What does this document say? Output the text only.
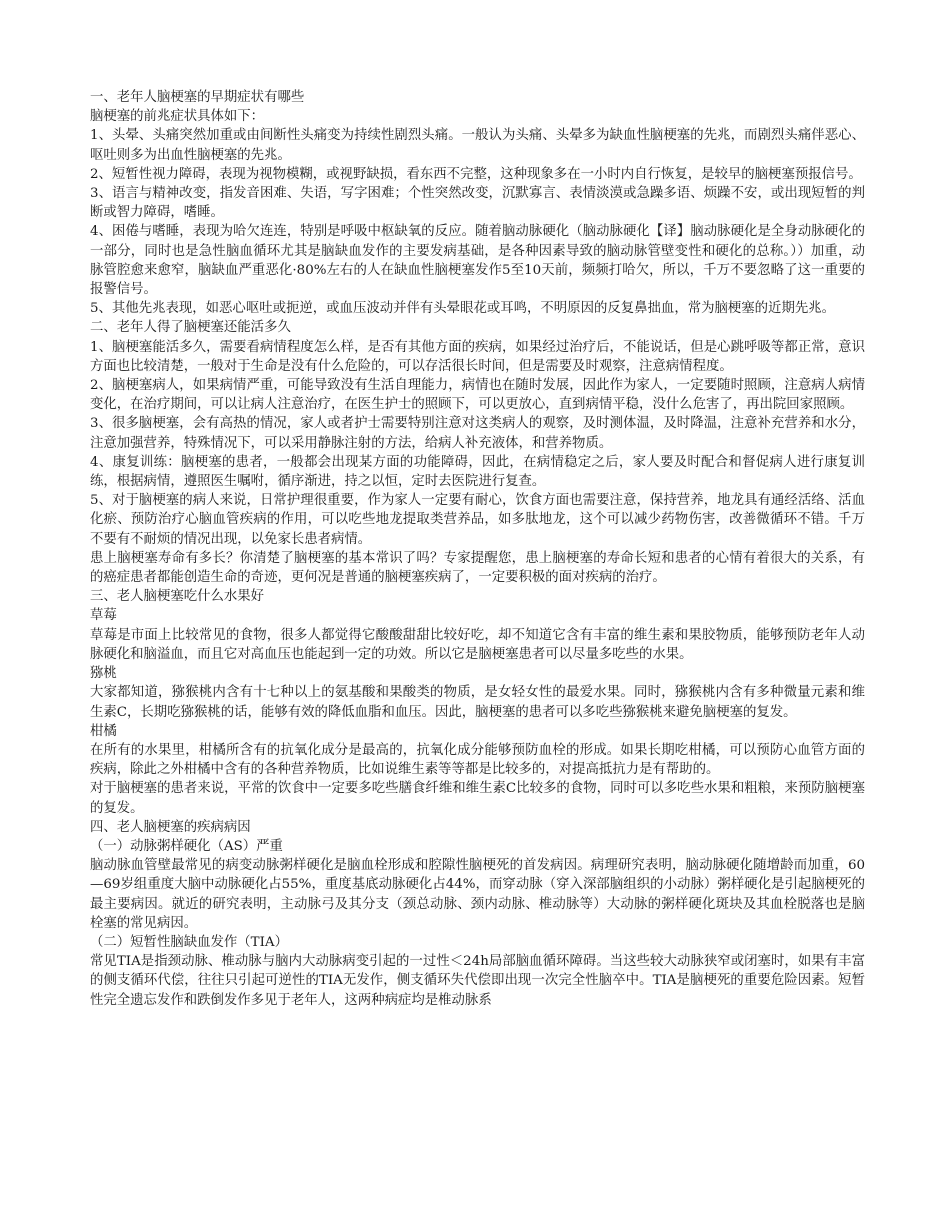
一、老年人脑梗塞的早期症状有哪些

脑梗塞的前兆症状具体如下：

1、头晕、头痛突然加重或由间断性头痛变为持续性剧烈头痛。一般认为头痛、头晕多为缺血性脑梗塞的先兆，而剧烈头痛伴恶心、呕吐则多为出血性脑梗塞的先兆。

2、短暂性视力障碍，表现为视物模糊，或视野缺损，看东西不完整，这种现象多在一小时内自行恢复，是较早的脑梗塞预报信号。

3、语言与精神改变，指发音困难、失语，写字困难；个性突然改变，沉默寡言、表情淡漠或急躁多语、烦躁不安，或出现短暂的判断或智力障碍，嗜睡。

4、困倦与嗜睡，表现为哈欠连连，特别是呼吸中枢缺氧的反应。随着脑动脉硬化（脑动脉硬化【译】脑动脉硬化是全身动脉硬化的一部分，同时也是急性脑血循环尤其是脑缺血发作的主要发病基础，是各种因素导致的脑动脉管壁变性和硬化的总称。））加重，动脉管腔愈来愈窄，脑缺血严重恶化·80%左右的人在缺血性脑梗塞发作5至10天前，频频打哈欠，所以，千万不要忽略了这一重要的报警信号。

5、其他先兆表现，如恶心呕吐或扼逆，或血压波动并伴有头晕眼花或耳鸣，不明原因的反复鼻拙血，常为脑梗塞的近期先兆。

二、老年人得了脑梗塞还能活多久

1、脑梗塞能活多久，需要看病情程度怎么样，是否有其他方面的疾病，如果经过治疗后，不能说话，但是心跳呼吸等都正常，意识方面也比较清楚，一般对于生命是没有什么危险的，可以存活很长时间，但是需要及时观察，注意病情程度。

2、脑梗塞病人，如果病情严重，可能导致没有生活自理能力，病情也在随时发展，因此作为家人，一定要随时照顾，注意病人病情变化，在治疗期间，可以让病人注意治疗，在医生护士的照顾下，可以更放心，直到病情平稳，没什么危害了，再出院回家照顾。

3、很多脑梗塞，会有高热的情况，家人或者护士需要特别注意对这类病人的观察，及时测体温，及时降温，注意补充营养和水分，注意加强营养，特殊情况下，可以采用静脉注射的方法，给病人补充液体，和营养物质。

4、康复训练：脑梗塞的患者，一般都会出现某方面的功能障碍，因此，在病情稳定之后，家人要及时配合和督促病人进行康复训练，根据病情，遵照医生嘱咐，循序渐进，持之以恒，定时去医院进行复查。

5、对于脑梗塞的病人来说，日常护理很重要，作为家人一定要有耐心，饮食方面也需要注意，保持营养，地龙具有通经活络、活血化瘀、预防治疗心脑血管疾病的作用，可以吃些地龙提取类营养品，如多肽地龙，这个可以减少药物伤害，改善微循环不错。千万不要有不耐烦的情况出现，以免家长患者病情。

患上脑梗塞寿命有多长？你清楚了脑梗塞的基本常识了吗？专家提醒您，患上脑梗塞的寿命长短和患者的心情有着很大的关系，有的癌症患者都能创造生命的奇迹，更何况是普通的脑梗塞疾病了，一定要积极的面对疾病的治疗。

三、老人脑梗塞吃什么水果好

草莓

草莓是市面上比较常见的食物，很多人都觉得它酸酸甜甜比较好吃，却不知道它含有丰富的维生素和果胶物质，能够预防老年人动脉硬化和脑溢血，而且它对高血压也能起到一定的功效。所以它是脑梗塞患者可以尽量多吃些的水果。

猕桃

大家都知道，猕猴桃内含有十七种以上的氨基酸和果酸类的物质，是女轻女性的最爱水果。同时，猕猴桃内含有多种微量元素和维生素C，长期吃猕猴桃的话，能够有效的降低血脂和血压。因此，脑梗塞的患者可以多吃些猕猴桃来避免脑梗塞的复发。

柑橘

在所有的水果里，柑橘所含有的抗氧化成分是最高的，抗氧化成分能够预防血栓的形成。如果长期吃柑橘，可以预防心血管方面的疾病，除此之外柑橘中含有的各种营养物质，比如说维生素等等都是比较多的，对提高抵抗力是有帮助的。

对于脑梗塞的患者来说，平常的饮食中一定要多吃些膳食纤维和维生素C比较多的食物，同时可以多吃些水果和粗粮，来预防脑梗塞的复发。

四、老人脑梗塞的疾病病因

（一）动脉粥样硬化（AS）严重

脑动脉血管壁最常见的病变动脉粥样硬化是脑血栓形成和腔隙性脑梗死的首发病因。病理研究表明，脑动脉硬化随增龄而加重，60—69岁组重度大脑中动脉硬化占55%，重度基底动脉硬化占44%，而穿动脉（穿入深部脑组织的小动脉）粥样硬化是引起脑梗死的最主要病因。就近的研究表明，主动脉弓及其分支（颈总动脉、颈内动脉、椎动脉等）大动脉的粥样硬化斑块及其血栓脱落也是脑栓塞的常见病因。

（二）短暂性脑缺血发作（TIA）

常见TIA是指颈动脉、椎动脉与脑内大动脉病变引起的一过性＜24h局部脑血循环障碍。当这些较大动脉狭窄或闭塞时，如果有丰富的侧支循环代偿，往往只引起可逆性的TIA无发作，侧支循环失代偿即出现一次完全性脑卒中。TIA是脑梗死的重要危险因素。短暂性完全遗忘发作和跌倒发作多见于老年人，这两种病症均是椎动脉系
